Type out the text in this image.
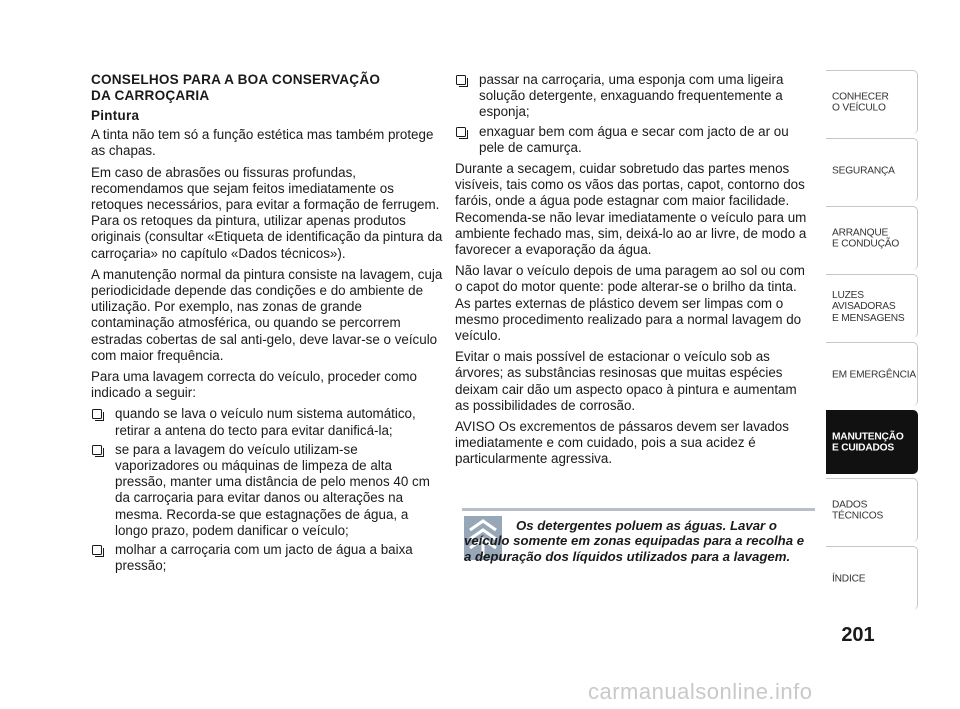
CONSELHOS PARA A BOA CONSERVAÇÃO
DA CARROÇARIA
Pintura

A tinta não tem só a função estética mas também protege as chapas.

Em caso de abrasões ou fissuras profundas, recomendamos que sejam feitos imediatamente os retoques necessários, para evitar a formação de ferrugem. Para os retoques da pintura, utilizar apenas produtos originais (consultar «Etiqueta de identificação da pintura da carroçaria» no capítulo «Dados técnicos»).

A manutenção normal da pintura consiste na lavagem, cuja periodicidade depende das condições e do ambiente de utilização. Por exemplo, nas zonas de grande contaminação atmosférica, ou quando se percorrem estradas cobertas de sal anti-gelo, deve lavar-se o veículo com maior frequência.

Para uma lavagem correcta do veículo, proceder como indicado a seguir:

quando se lava o veículo num sistema automático, retirar a antena do tecto para evitar danificá-la;
se para a lavagem do veículo utilizam-se vaporizadores ou máquinas de limpeza de alta pressão, manter uma distância de pelo menos 40 cm da carroçaria para evitar danos ou alterações na mesma. Recorda-se que estagnações de água, a longo prazo, podem danificar o veículo;
molhar a carroçaria com um jacto de água a baixa pressão;
passar na carroçaria, uma esponja com uma ligeira solução detergente, enxaguando frequentemente a esponja;
enxaguar bem com água e secar com jacto de ar ou pele de camurça.

Durante a secagem, cuidar sobretudo das partes menos visíveis, tais como os vãos das portas, capot, contorno dos faróis, onde a água pode estagnar com maior facilidade. Recomenda-se não levar imediatamente o veículo para um ambiente fechado mas, sim, deixá-lo ao ar livre, de modo a favorecer a evaporação da água.

Não lavar o veículo depois de uma paragem ao sol ou com o capot do motor quente: pode alterar-se o brilho da tinta. As partes externas de plástico devem ser limpas com o mesmo procedimento realizado para a normal lavagem do veículo.

Evitar o mais possível de estacionar o veículo sob as árvores; as substâncias resinosas que muitas espécies deixam cair dão um aspecto opaco à pintura e aumentam as possibilidades de corrosão.

AVISO Os excrementos de pássaros devem ser lavados imediatamente e com cuidado, pois a sua acidez é particularmente agressiva.

Os detergentes poluem as águas. Lavar o veículo somente em zonas equipadas para a recolha e a depuração dos líquidos utilizados para a lavagem.
CONHECER
O VEÍCULO
SEGURANÇA
ARRANQUE
E CONDUÇÃO
LUZES
AVISADORAS
E MENSAGENS
EM EMERGÊNCIA
MANUTENÇÃO
E CUIDADOS
DADOS
TÉCNICOS
ÍNDICE
201
carmanualsonline.info
